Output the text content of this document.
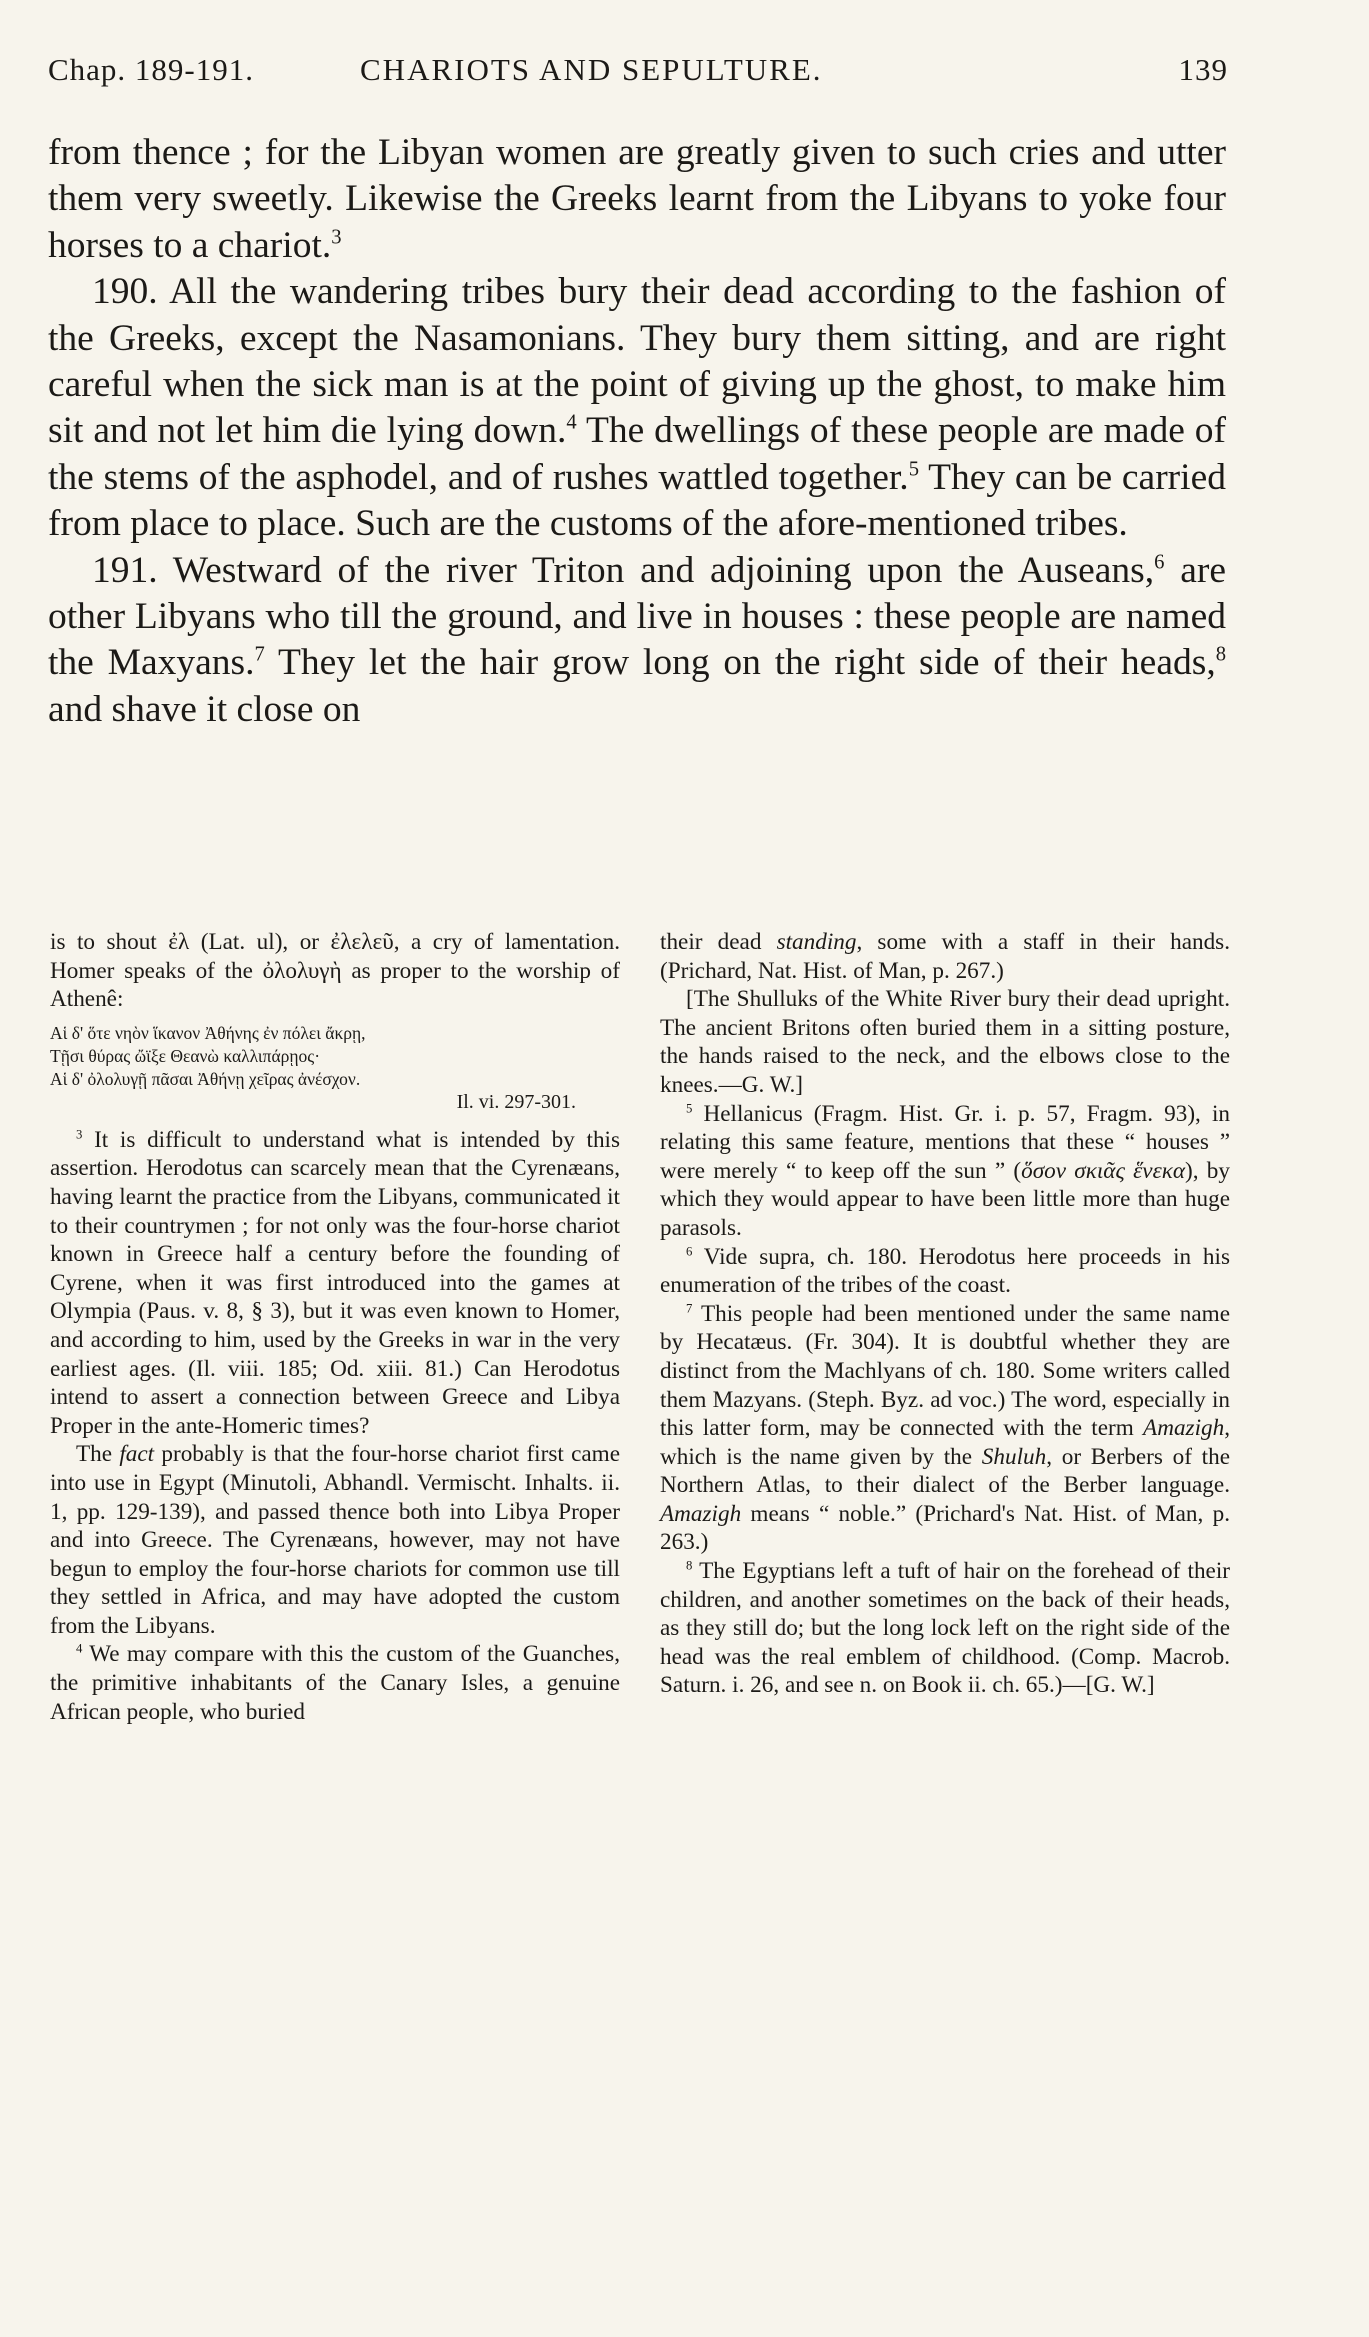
Chap. 189-191.	CHARIOTS AND SEPULTURE.	139

from thence ; for the Libyan women are greatly given to such cries and utter them very sweetly. Likewise the Greeks learnt from the Libyans to yoke four horses to a chariot.$^3$

190. All the wandering tribes bury their dead according to the fashion of the Greeks, except the Nasamonians. They bury them sitting, and are right careful when the sick man is at the point of giving up the ghost, to make him sit and not let him die lying down.$^4$ The dwellings of these people are made of the stems of the asphodel, and of rushes wattled together.$^5$ They can be carried from place to place. Such are the customs of the afore-mentioned tribes.

191. Westward of the river Triton and adjoining upon the Auseans,$^6$ are other Libyans who till the ground, and live in houses : these people are named the Maxyans.$^7$ They let the hair grow long on the right side of their heads,$^8$ and shave it close on

is to shout ἐλ (Lat. ul), or ἐλελεῦ, a cry of lamentation. Homer speaks of the ὀλολυγὴ as proper to the worship of Athenê:

Αἱ δ' ὅτε νηὸν ἵκανον Ἀθήνης ἐν πόλει ἄκρῃ,
Τῇσι θύρας ὤϊξε Θεανὼ καλλιπάρῃος·
Αἱ δ' ὀλολυγῇ πᾶσαι Ἀθήνῃ χεῖρας ἀνέσχον.
Il. vi. 297-301.

$^3$ It is difficult to understand what is intended by this assertion. Herodotus can scarcely mean that the Cyrenæans, having learnt the practice from the Libyans, communicated it to their countrymen ; for not only was the four-horse chariot known in Greece half a century before the founding of Cyrene, when it was first introduced into the games at Olympia (Paus. v. 8, § 3), but it was even known to Homer, and according to him, used by the Greeks in war in the very earliest ages. (Il. viii. 185; Od. xiii. 81.) Can Herodotus intend to assert a connection between Greece and Libya Proper in the ante-Homeric times?

The fact probably is that the four-horse chariot first came into use in Egypt (Minutoli, Abhandl. Vermischt. Inhalts. ii. 1, pp. 129-139), and passed thence both into Libya Proper and into Greece. The Cyrenæans, however, may not have begun to employ the four-horse chariots for common use till they settled in Africa, and may have adopted the custom from the Libyans.

$^4$ We may compare with this the custom of the Guanches, the primitive inhabitants of the Canary Isles, a genuine African people, who buried

their dead standing, some with a staff in their hands. (Prichard, Nat. Hist. of Man, p. 267.)

[The Shulluks of the White River bury their dead upright. The ancient Britons often buried them in a sitting posture, the hands raised to the neck, and the elbows close to the knees.—G. W.]

$^5$ Hellanicus (Fragm. Hist. Gr. i. p. 57, Fragm. 93), in relating this same feature, mentions that these “ houses ” were merely “ to keep off the sun ” (ὅσον σκιᾶς ἕνεκα), by which they would appear to have been little more than huge parasols.

$^6$ Vide supra, ch. 180. Herodotus here proceeds in his enumeration of the tribes of the coast.

$^7$ This people had been mentioned under the same name by Hecatæus. (Fr. 304). It is doubtful whether they are distinct from the Machlyans of ch. 180. Some writers called them Mazyans. (Steph. Byz. ad voc.) The word, especially in this latter form, may be connected with the term Amazigh, which is the name given by the Shuluh, or Berbers of the Northern Atlas, to their dialect of the Berber language. Amazigh means “ noble.” (Prichard's Nat. Hist. of Man, p. 263.)

$^8$ The Egyptians left a tuft of hair on the forehead of their children, and another sometimes on the back of their heads, as they still do; but the long lock left on the right side of the head was the real emblem of childhood. (Comp. Macrob. Saturn. i. 26, and see n. on Book ii. ch. 65.)—[G. W.]
